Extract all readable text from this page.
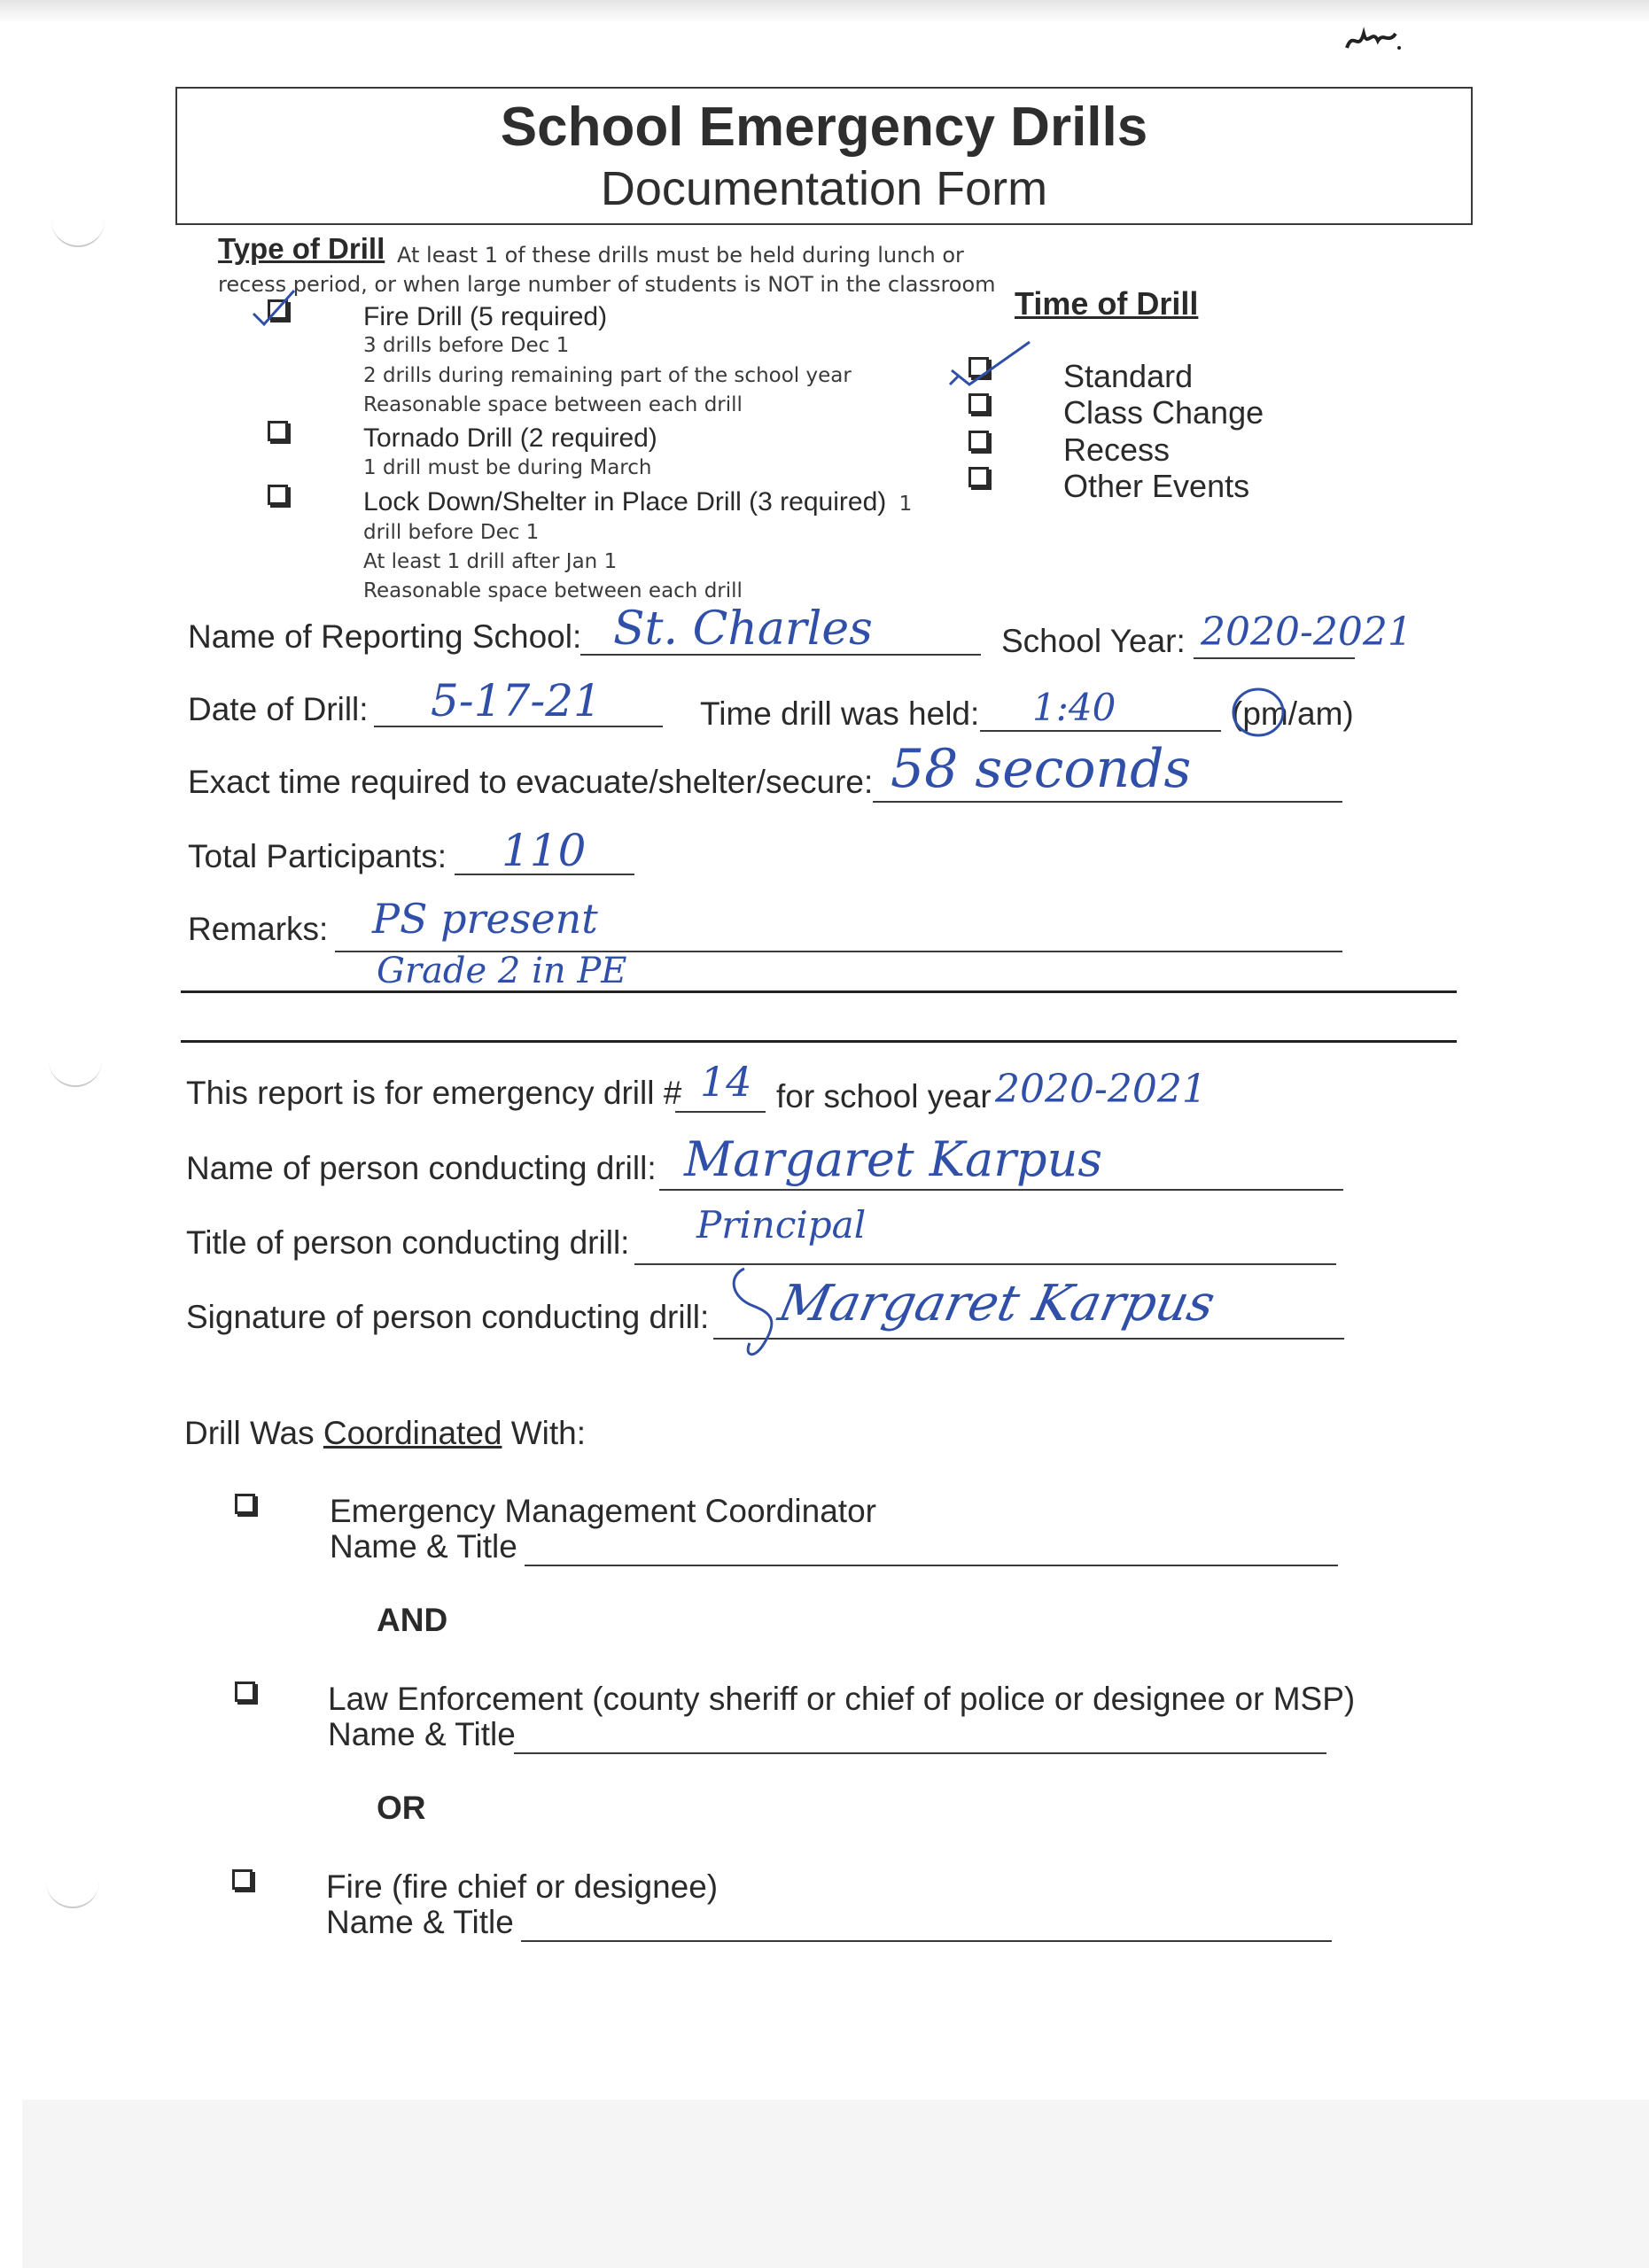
School Emergency Drills
Documentation Form
Type of Drill At least 1 of these drills must be held during lunch or
recess period, or when large number of students is NOT in the classroom
Fire Drill (5 required)
3 drills before Dec 1
2 drills during remaining part of the school year
Reasonable space between each drill
Tornado Drill (2 required)
1 drill must be during March
Lock Down/Shelter in Place Drill (3 required) 1
drill before Dec 1
At least 1 drill after Jan 1
Reasonable space between each drill
Time of Drill
Standard
Class Change
Recess
Other Events
Name of Reporting School: St. Charles	School Year: 2020-2021
Date of Drill: 5-17-21	Time drill was held: 1:40	(pm/am)
Exact time required to evacuate/shelter/secure: 58 seconds
Total Participants: 110
Remarks: PS present
Grade 2 in PE
This report is for emergency drill # 14 for school year 2020-2021
Name of person conducting drill: Margaret Karpus
Title of person conducting drill: Principal
Signature of person conducting drill: Margaret Karpus
Drill Was Coordinated With:
Emergency Management Coordinator
Name & Title
AND
Law Enforcement (county sheriff or chief of police or designee or MSP)
Name & Title
OR
Fire (fire chief or designee)
Name & Title
